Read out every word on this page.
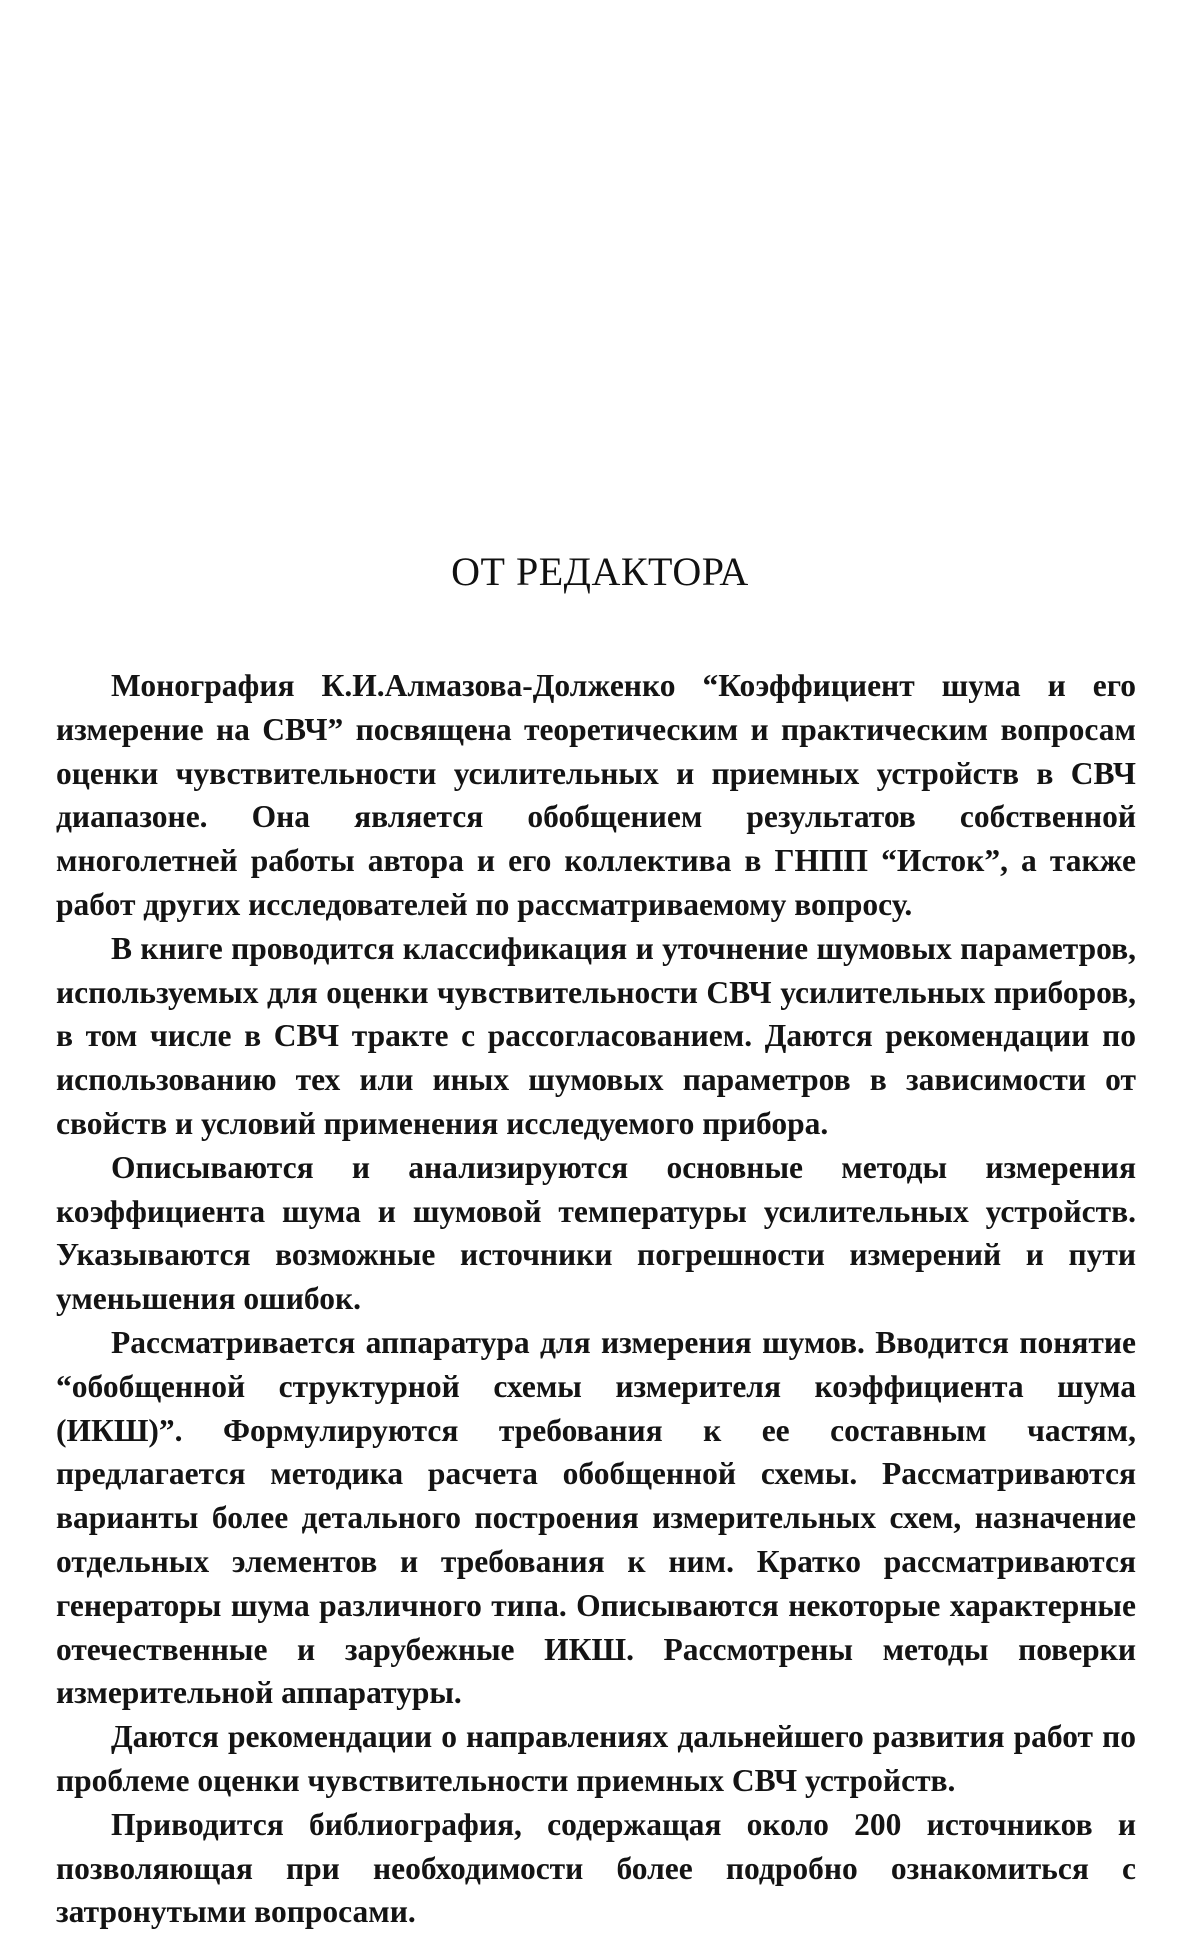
ОТ РЕДАКТОРА

Монография К.И.Алмазова-Долженко “Коэффициент шума и его измерение на СВЧ” посвящена теоретическим и практическим вопросам оценки чувствительности усилительных и приемных устройств в СВЧ диапазоне. Она является обобщением результатов собственной многолетней работы автора и его коллектива в ГНПП “Исток”, а также работ других исследователей по рассматриваемому вопросу.

В книге проводится классификация и уточнение шумовых параметров, используемых для оценки чувствительности СВЧ усилительных приборов, в том числе в СВЧ тракте с рассогласованием. Даются рекомендации по использованию тех или иных шумовых параметров в зависимости от свойств и условий применения исследуемого прибора.

Описываются и анализируются основные методы измерения коэффициента шума и шумовой температуры усилительных устройств. Указываются возможные источники погрешности измерений и пути уменьшения ошибок.

Рассматривается аппаратура для измерения шумов. Вводится понятие “обобщенной структурной схемы измерителя коэффициента шума (ИКШ)”. Формулируются требования к ее составным частям, предлагается методика расчета обобщенной схемы. Рассматриваются варианты более детального построения измерительных схем, назначение отдельных элементов и требования к ним. Кратко рассматриваются генераторы шума различного типа. Описываются некоторые характерные отечественные и зарубежные ИКШ. Рассмотрены методы поверки измерительной аппаратуры.

Даются рекомендации о направлениях дальнейшего развития работ по проблеме оценки чувствительности приемных СВЧ устройств.

Приводится библиография, содержащая около 200 источников и позволяющая при необходимости более подробно ознакомиться с затронутыми вопросами.
